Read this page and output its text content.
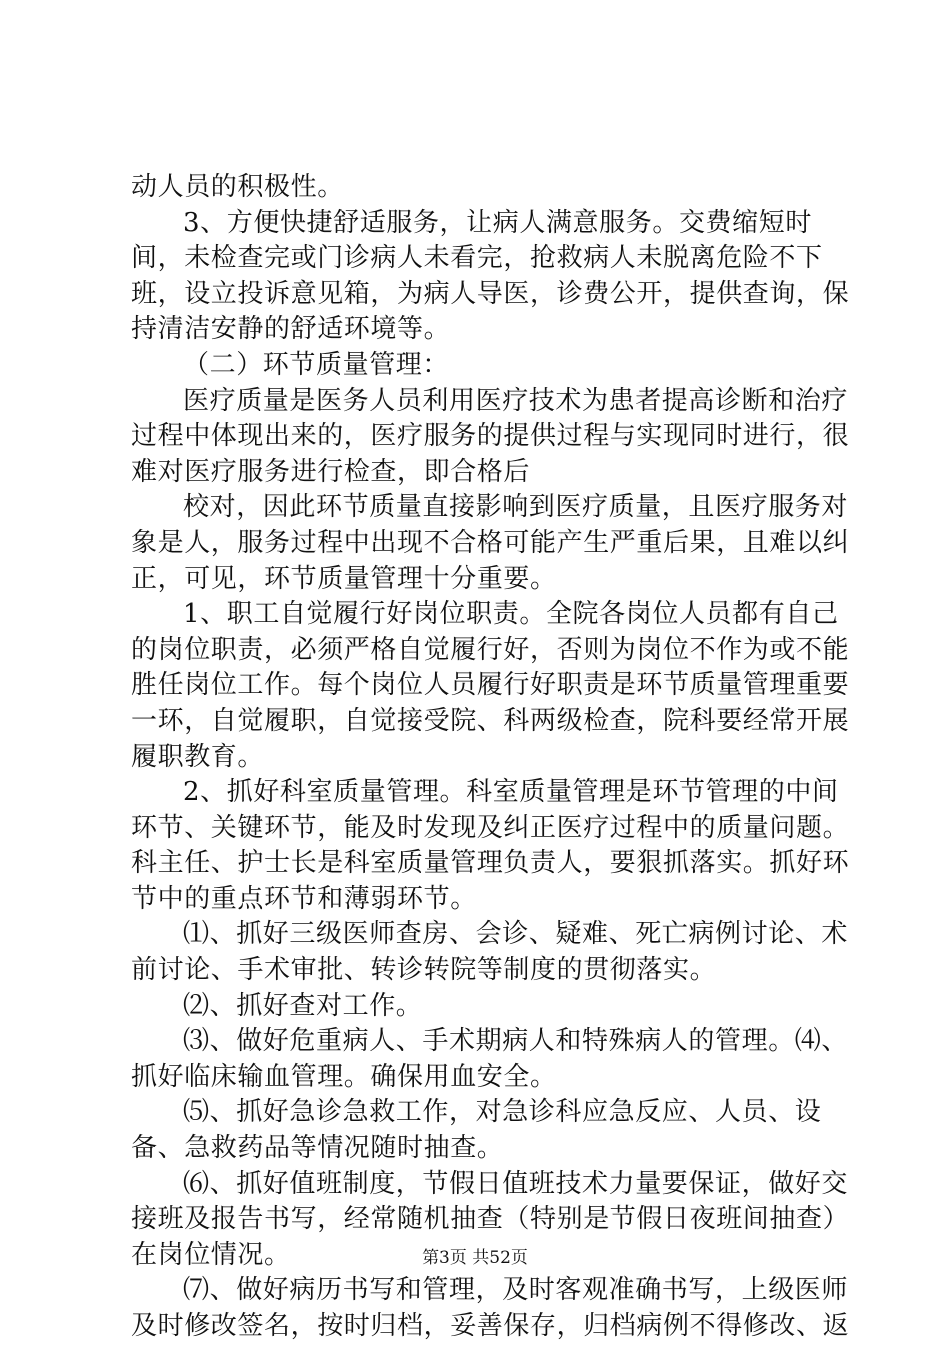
动人员的积极性。

3、方便快捷舒适服务，让病人满意服务。交费缩短时间，未检查完或门诊病人未看完，抢救病人未脱离危险不下班，设立投诉意见箱，为病人导医，诊费公开，提供查询，保持清洁安静的舒适环境等。

（二）环节质量管理：

医疗质量是医务人员利用医疗技术为患者提高诊断和治疗过程中体现出来的，医疗服务的提供过程与实现同时进行，很难对医疗服务进行检查，即合格后

校对，因此环节质量直接影响到医疗质量，且医疗服务对象是人，服务过程中出现不合格可能产生严重后果，且难以纠正，可见，环节质量管理十分重要。

1、职工自觉履行好岗位职责。全院各岗位人员都有自己的岗位职责，必须严格自觉履行好，否则为岗位不作为或不能胜任岗位工作。每个岗位人员履行好职责是环节质量管理重要一环，自觉履职，自觉接受院、科两级检查，院科要经常开展履职教育。

2、抓好科室质量管理。科室质量管理是环节管理的中间环节、关键环节，能及时发现及纠正医疗过程中的质量问题。科主任、护士长是科室质量管理负责人，要狠抓落实。抓好环节中的重点环节和薄弱环节。

⑴、抓好三级医师查房、会诊、疑难、死亡病例讨论、术前讨论、手术审批、转诊转院等制度的贯彻落实。

⑵、抓好查对工作。

⑶、做好危重病人、手术期病人和特殊病人的管理。⑷、抓好临床输血管理。确保用血安全。

⑸、抓好急诊急救工作，对急诊科应急反应、人员、设备、急救药品等情况随时抽查。

⑹、抓好值班制度，节假日值班技术力量要保证，做好交接班及报告书写，经常随机抽查（特别是节假日夜班间抽查）在岗位情况。

⑺、做好病历书写和管理，及时客观准确书写，上级医师及时修改签名，按时归档，妥善保存，归档病例不得修改、返

第3页 共52页
